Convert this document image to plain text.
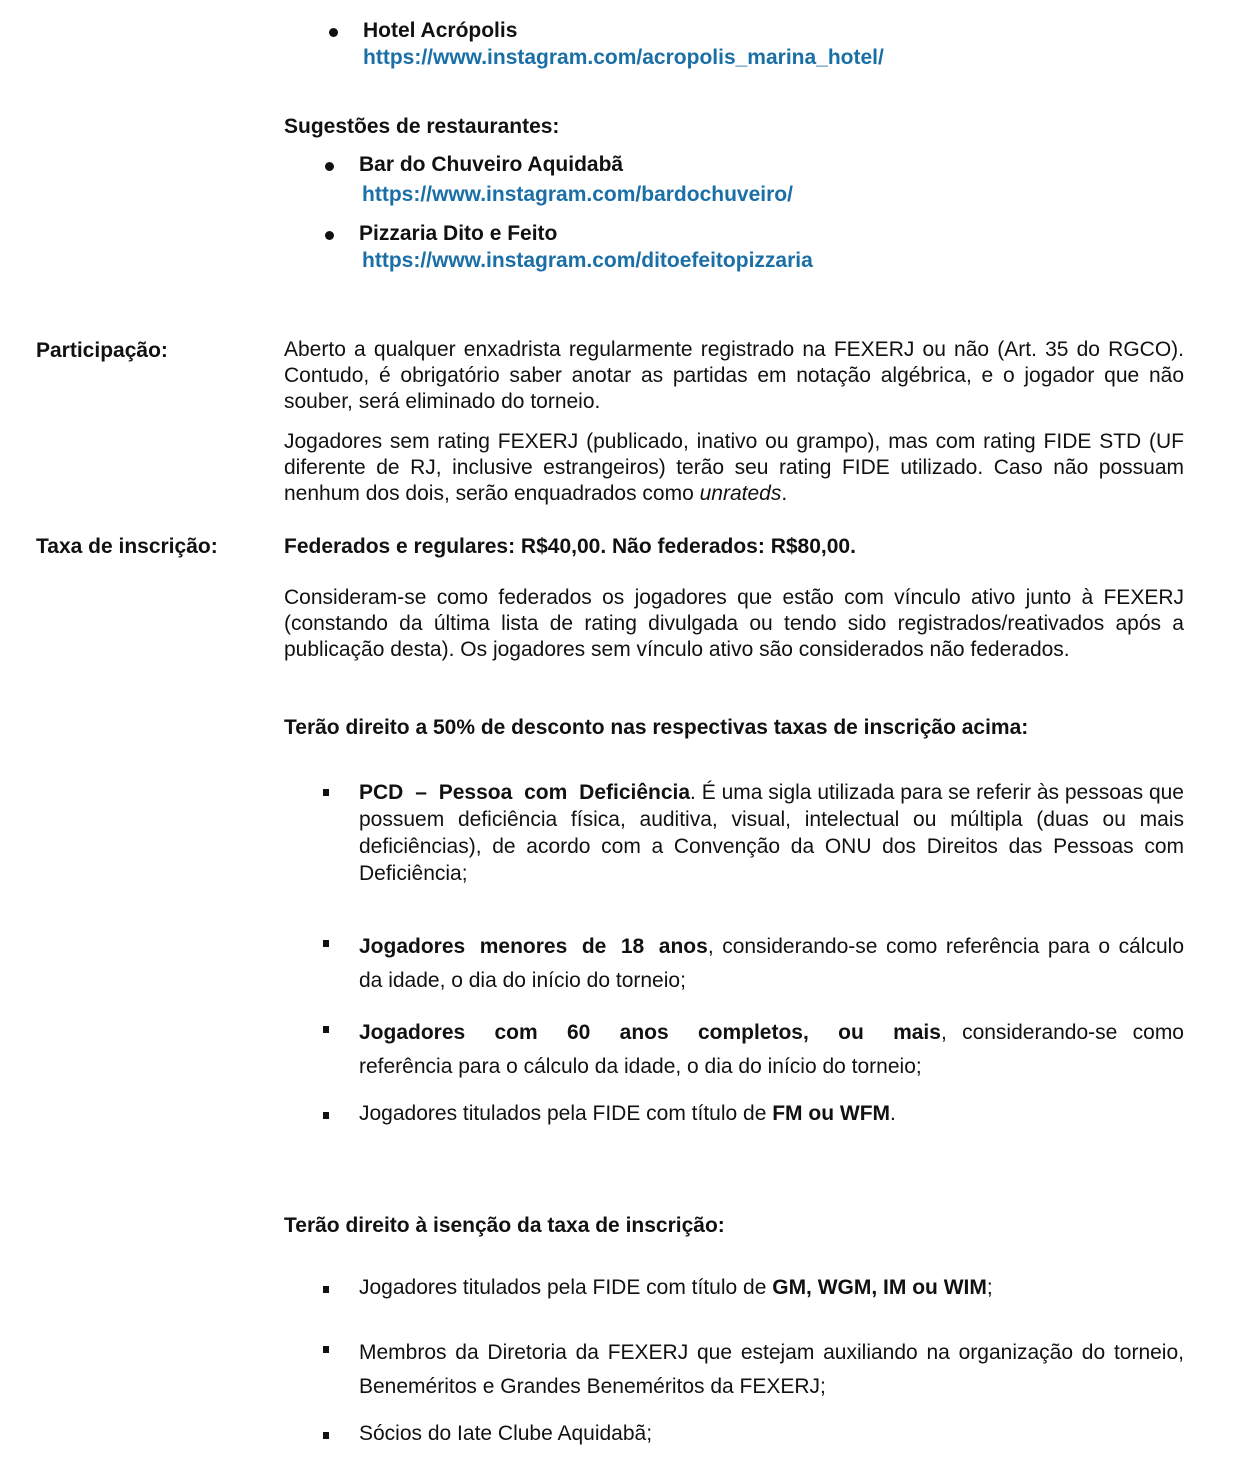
Hotel Acrópolis
https://www.instagram.com/acropolis_marina_hotel/
Sugestões de restaurantes:
Bar do Chuveiro Aquidabã
https://www.instagram.com/bardochuveiro/
Pizzaria Dito e Feito
https://www.instagram.com/ditoefeitopizzaria
Participação:	Aberto a qualquer enxadrista regularmente registrado na FEXERJ ou não (Art. 35 do RGCO). Contudo, é obrigatório saber anotar as partidas em notação algébrica, e o jogador que não souber, será eliminado do torneio.

Jogadores sem rating FEXERJ (publicado, inativo ou grampo), mas com rating FIDE STD (UF diferente de RJ, inclusive estrangeiros) terão seu rating FIDE utilizado. Caso não possuam nenhum dos dois, serão enquadrados como unrateds.

Taxa de inscrição:	Federados e regulares: R$40,00. Não federados: R$80,00.

Consideram-se como federados os jogadores que estão com vínculo ativo junto à FEXERJ (constando da última lista de rating divulgada ou tendo sido registrados/reativados após a publicação desta). Os jogadores sem vínculo ativo são considerados não federados.

Terão direito a 50% de desconto nas respectivas taxas de inscrição acima:

PCD – Pessoa com Deficiência. É uma sigla utilizada para se referir às pessoas que possuem deficiência física, auditiva, visual, intelectual ou múltipla (duas ou mais deficiências), de acordo com a Convenção da ONU dos Direitos das Pessoas com Deficiência;

Jogadores menores de 18 anos, considerando-se como referência para o cálculo da idade, o dia do início do torneio;

Jogadores com 60 anos completos, ou mais, considerando-se como referência para o cálculo da idade, o dia do início do torneio;

Jogadores titulados pela FIDE com título de FM ou WFM.

Terão direito à isenção da taxa de inscrição:

Jogadores titulados pela FIDE com título de GM, WGM, IM ou WIM;

Membros da Diretoria da FEXERJ que estejam auxiliando na organização do torneio, Beneméritos e Grandes Beneméritos da FEXERJ;

Sócios do Iate Clube Aquidabã;
